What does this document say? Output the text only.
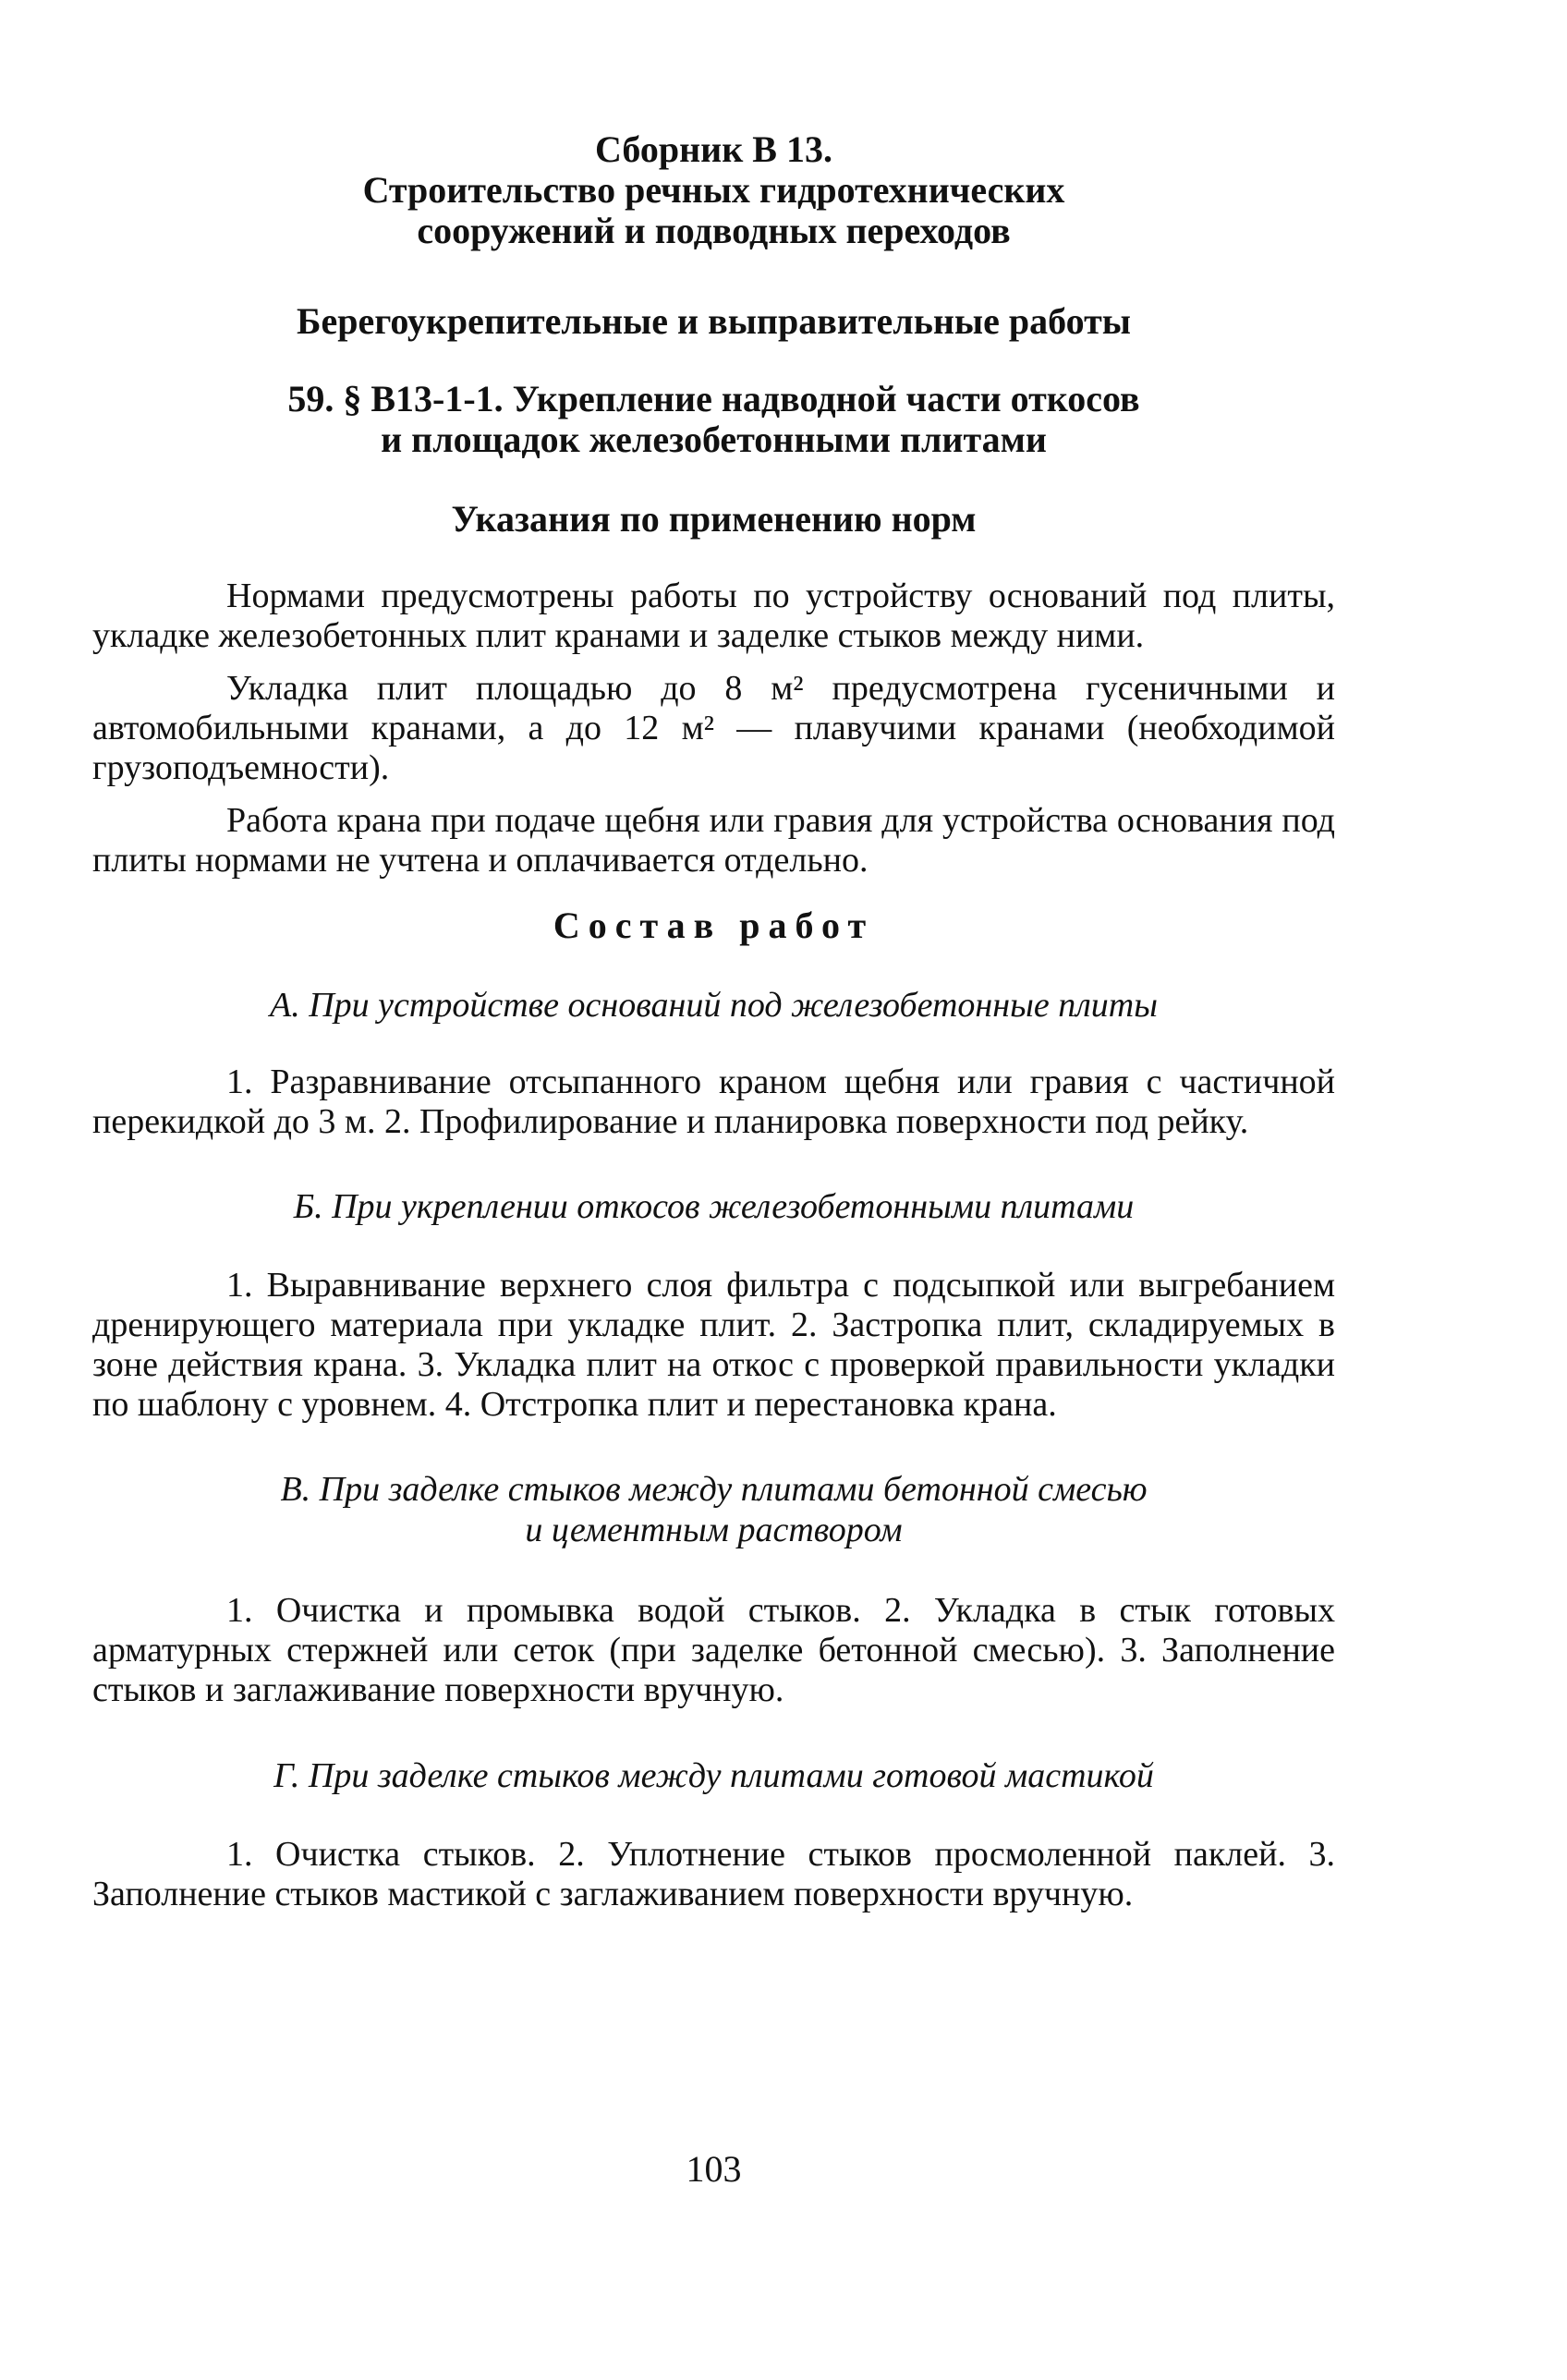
Сборник В 13.
Строительство речных гидротехнических
сооружений и подводных переходов
Берегоукрепительные и выправительные работы
59. § В13-1-1. Укрепление надводной части откосов
и площадок железобетонными плитами
Указания по применению норм

Нормами предусмотрены работы по устройству оснований под плиты, укладке железобетонных плит кранами и заделке стыков между ними.

Укладка плит площадью до 8 м² предусмотрена гусеничными и автомобильными кранами, а до 12 м² — плавучими кранами (необходимой грузоподъемности).

Работа крана при подаче щебня или гравия для устройства основания под плиты нормами не учтена и оплачивается отдельно.

Состав работ
А. При устройстве оснований под железобетонные плиты

1. Разравнивание отсыпанного краном щебня или гравия с частичной перекидкой до 3 м. 2. Профилирование и планировка поверхности под рейку.

Б. При укреплении откосов железобетонными плитами

1. Выравнивание верхнего слоя фильтра с подсыпкой или выгребанием дренирующего материала при укладке плит. 2. Застропка плит, складируемых в зоне действия крана. 3. Укладка плит на откос с проверкой правильности укладки по шаблону с уровнем. 4. Отстропка плит и перестановка крана.

В. При заделке стыков между плитами бетонной смесью
и цементным раствором

1. Очистка и промывка водой стыков. 2. Укладка в стык готовых арматурных стержней или сеток (при заделке бетонной смесью). 3. Заполнение стыков и заглаживание поверхности вручную.

Г. При заделке стыков между плитами готовой мастикой

1. Очистка стыков. 2. Уплотнение стыков просмоленной паклей. 3. Заполнение стыков мастикой с заглаживанием поверхности вручную.

103
